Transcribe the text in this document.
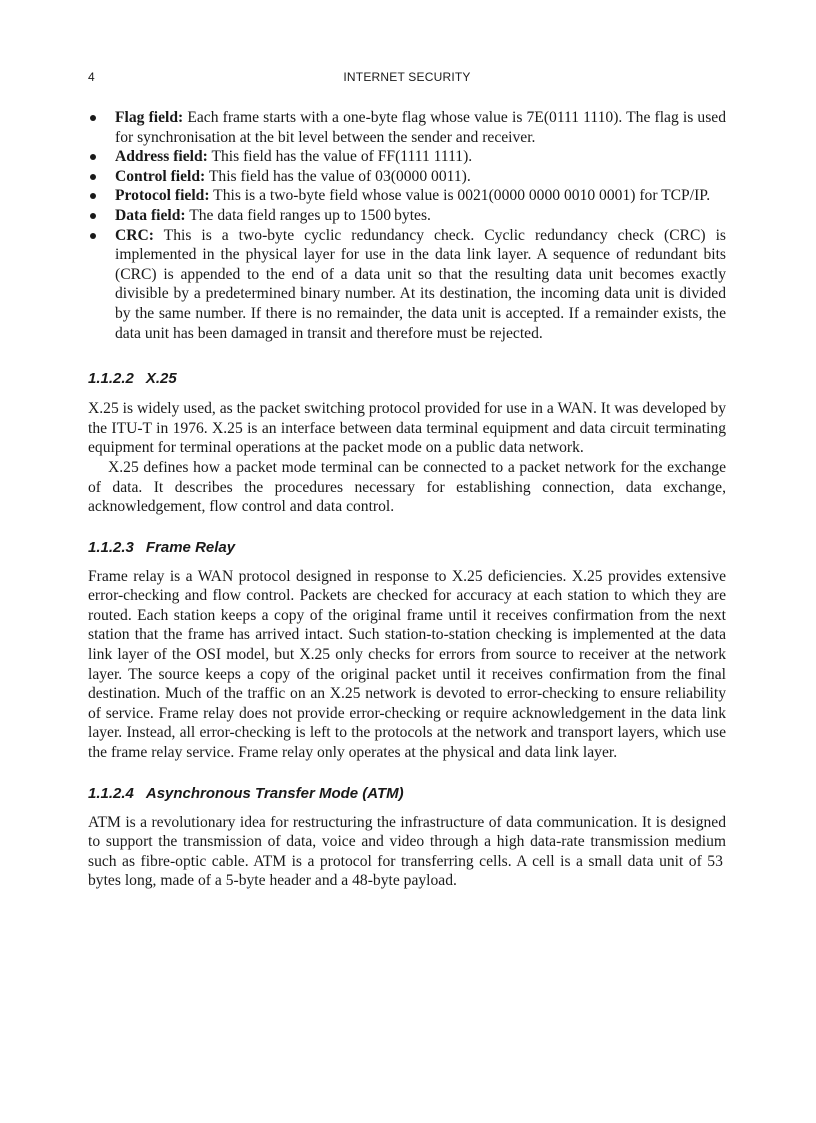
4	INTERNET SECURITY
Flag field: Each frame starts with a one-byte flag whose value is 7E(0111 1110). The flag is used for synchronisation at the bit level between the sender and receiver.
Address field: This field has the value of FF(1111 1111).
Control field: This field has the value of 03(0000 0011).
Protocol field: This is a two-byte field whose value is 0021(0000 0000 0010 0001) for TCP/IP.
Data field: The data field ranges up to 1500 bytes.
CRC: This is a two-byte cyclic redundancy check. Cyclic redundancy check (CRC) is implemented in the physical layer for use in the data link layer. A sequence of redundant bits (CRC) is appended to the end of a data unit so that the resulting data unit becomes exactly divisible by a predetermined binary number. At its destination, the incoming data unit is divided by the same number. If there is no remainder, the data unit is accepted. If a remainder exists, the data unit has been damaged in transit and therefore must be rejected.
1.1.2.2 X.25

X.25 is widely used, as the packet switching protocol provided for use in a WAN. It was developed by the ITU-T in 1976. X.25 is an interface between data terminal equipment and data circuit terminating equipment for terminal operations at the packet mode on a public data network.

X.25 defines how a packet mode terminal can be connected to a packet network for the exchange of data. It describes the procedures necessary for establishing connection, data exchange, acknowledgement, flow control and data control.

1.1.2.3 Frame Relay

Frame relay is a WAN protocol designed in response to X.25 deficiencies. X.25 provides extensive error-checking and flow control. Packets are checked for accuracy at each station to which they are routed. Each station keeps a copy of the original frame until it receives confirmation from the next station that the frame has arrived intact. Such station-to-station checking is implemented at the data link layer of the OSI model, but X.25 only checks for errors from source to receiver at the network layer. The source keeps a copy of the original packet until it receives confirmation from the final destination. Much of the traffic on an X.25 network is devoted to error-checking to ensure reliability of service. Frame relay does not provide error-checking or require acknowledgement in the data link layer. Instead, all error-checking is left to the protocols at the network and transport layers, which use the frame relay service. Frame relay only operates at the physical and data link layer.

1.1.2.4 Asynchronous Transfer Mode (ATM)

ATM is a revolutionary idea for restructuring the infrastructure of data communication. It is designed to support the transmission of data, voice and video through a high data-rate transmission medium such as fibre-optic cable. ATM is a protocol for transferring cells. A cell is a small data unit of 53 bytes long, made of a 5-byte header and a 48-byte payload.
